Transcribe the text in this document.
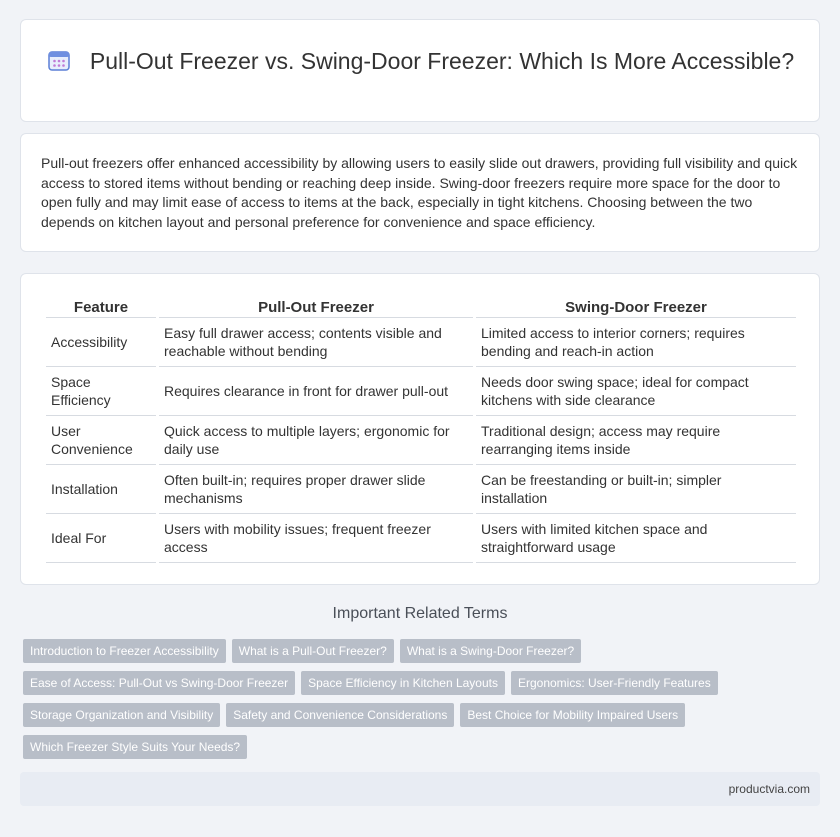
Pull-Out Freezer vs. Swing-Door Freezer: Which Is More Accessible?

Pull-out freezers offer enhanced accessibility by allowing users to easily slide out drawers, providing full visibility and quick access to stored items without bending or reaching deep inside. Swing-door freezers require more space for the door to open fully and may limit ease of access to items at the back, especially in tight kitchens. Choosing between the two depends on kitchen layout and personal preference for convenience and space efficiency.

Feature	Pull-Out Freezer	Swing-Door Freezer
Accessibility	Easy full drawer access; contents visible and reachable without bending	Limited access to interior corners; requires bending and reach-in action
Space Efficiency	Requires clearance in front for drawer pull-out	Needs door swing space; ideal for compact kitchens with side clearance
User Convenience	Quick access to multiple layers; ergonomic for daily use	Traditional design; access may require rearranging items inside
Installation	Often built-in; requires proper drawer slide mechanisms	Can be freestanding or built-in; simpler installation
Ideal For	Users with mobility issues; frequent freezer access	Users with limited kitchen space and straightforward usage
Important Related Terms
Introduction to Freezer Accessibility What is a Pull-Out Freezer? What is a Swing-Door Freezer?
Ease of Access: Pull-Out vs Swing-Door Freezer Space Efficiency in Kitchen Layouts Ergonomics: User-Friendly Features
Storage Organization and Visibility Safety and Convenience Considerations Best Choice for Mobility Impaired Users
Which Freezer Style Suits Your Needs?
productvia.com
